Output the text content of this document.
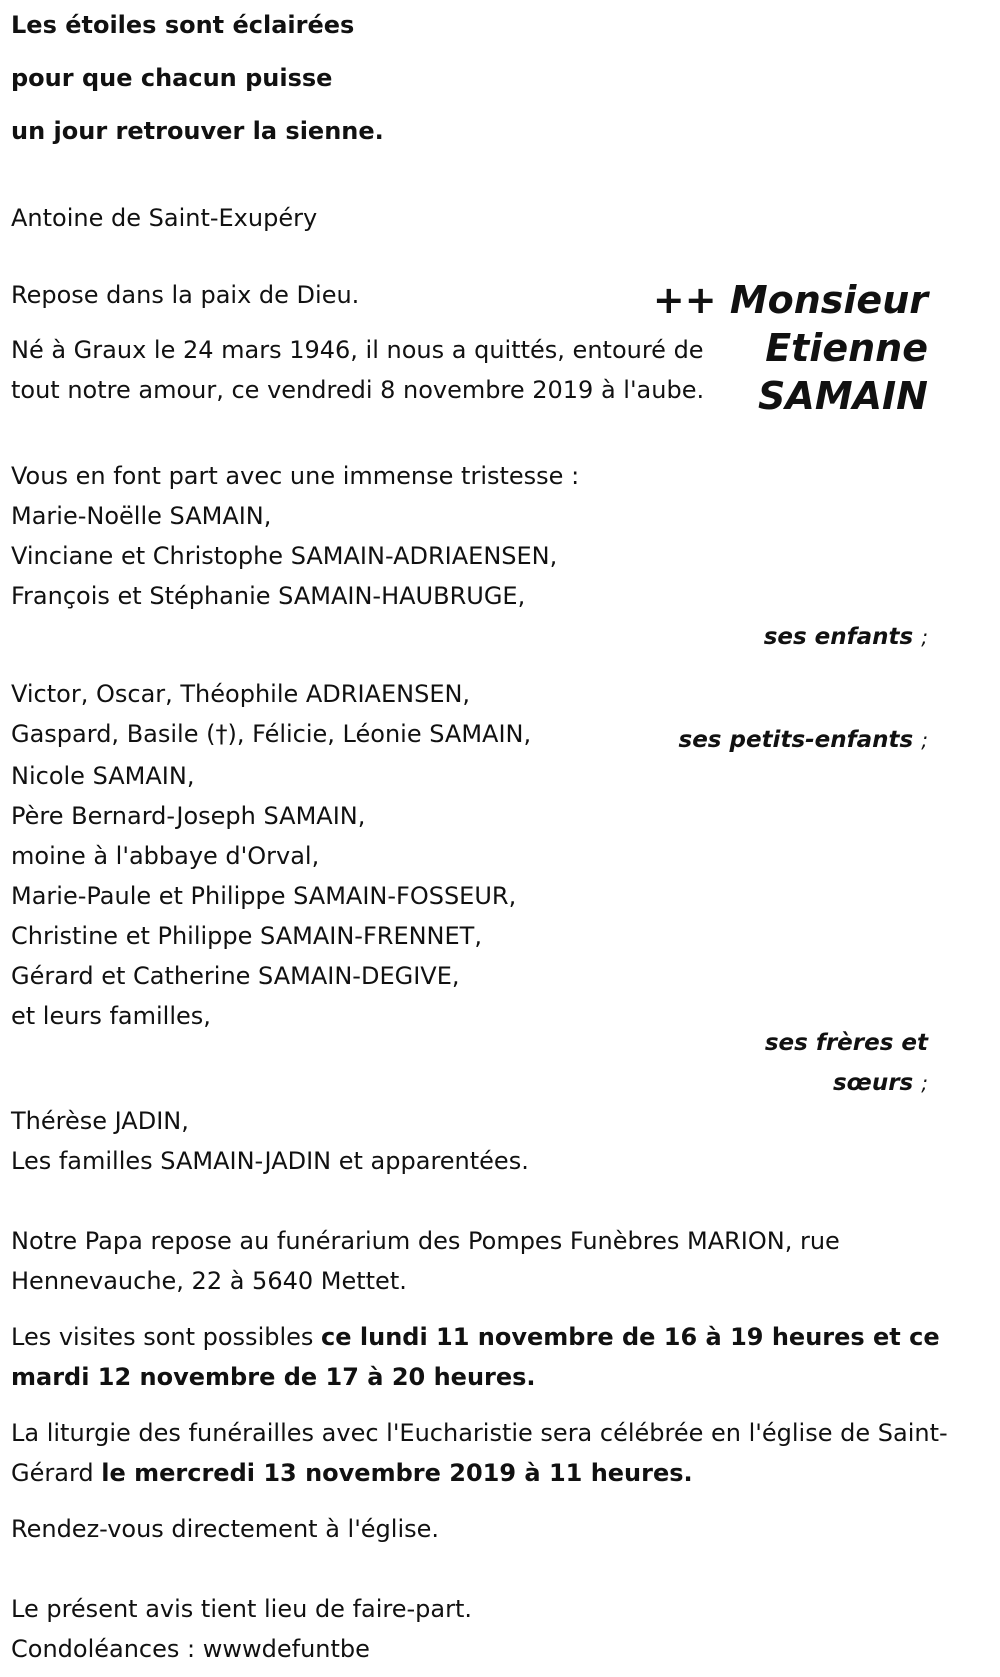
Les étoiles sont éclairées
pour que chacun puisse
un jour retrouver la sienne.
Antoine de Saint-Exupéry
++ Monsieur
Etienne
SAMAIN
Repose dans la paix de Dieu.
Né à Graux le 24 mars 1946, il nous a quittés, entouré de tout notre amour, ce vendredi 8 novembre 2019 à l'aube.
Vous en font part avec une immense tristesse :
Marie-Noëlle SAMAIN,
Vinciane et Christophe SAMAIN-ADRIAENSEN,
François et Stéphanie SAMAIN-HAUBRUGE,
ses enfants ;
Victor, Oscar, Théophile ADRIAENSEN,
Gaspard, Basile (†), Félicie, Léonie SAMAIN,	ses petits-enfants ;
Nicole SAMAIN,
Père Bernard-Joseph SAMAIN,
moine à l'abbaye d'Orval,
Marie-Paule et Philippe SAMAIN-FOSSEUR,
Christine et Philippe SAMAIN-FRENNET,
Gérard et Catherine SAMAIN-DEGIVE,
et leurs familles,
ses frères et
sœurs ;
Thérèse JADIN,
Les familles SAMAIN-JADIN et apparentées.
Notre Papa repose au funérarium des Pompes Funèbres MARION, rue Hennevauche, 22 à 5640 Mettet.
Les visites sont possibles ce lundi 11 novembre de 16 à 19 heures et ce mardi 12 novembre de 17 à 20 heures.
La liturgie des funérailles avec l'Eucharistie sera célébrée en l'église de Saint-Gérard le mercredi 13 novembre 2019 à 11 heures.
Rendez-vous directement à l'église.
Le présent avis tient lieu de faire-part.
Condoléances : wwwdefuntbe
